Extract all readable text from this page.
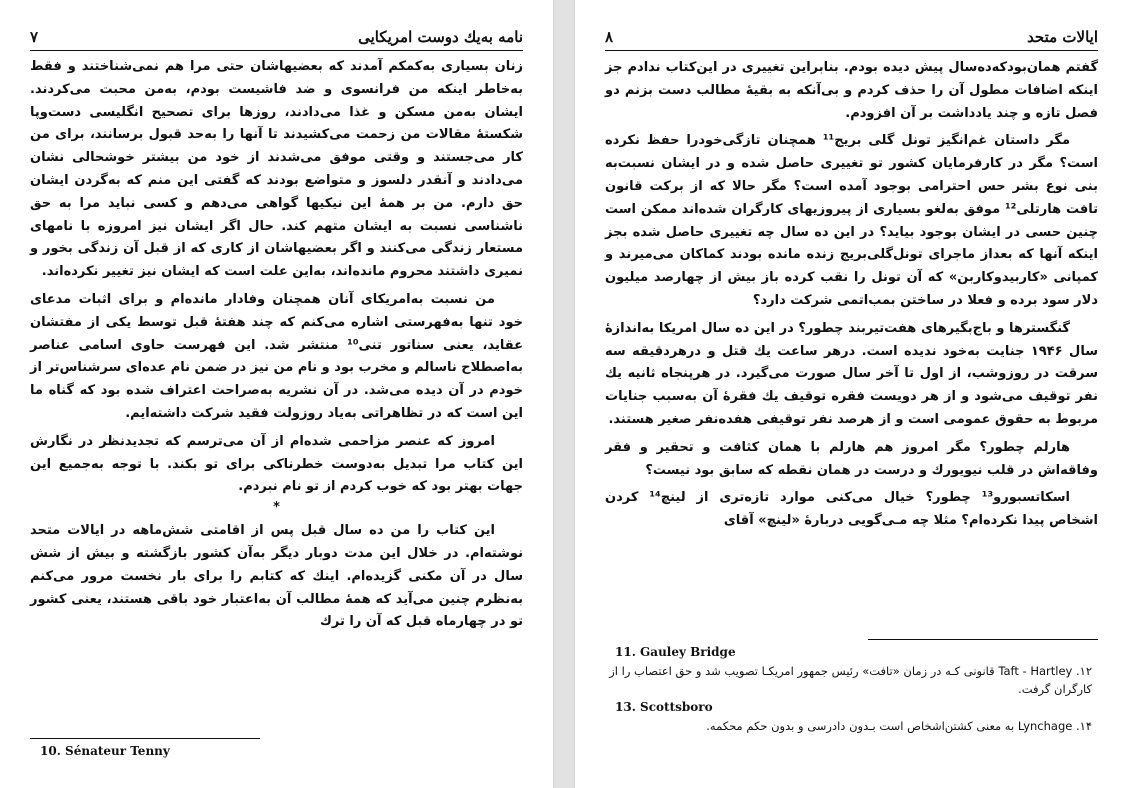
نامه به‌یك دوست امریکایی
۷

زنان بسیاری به‌کمکم آمدند که بعضیهاشان حتی مرا هم نمی‌شناختند و فقط به‌خاطر اینکه من فرانسوی و ضد فاشیست بودم، به‌من محبت می‌کردند. ایشان به‌من مسکن و غذا می‌دادند، روزها برای تصحیح انگلیسی دست‌وپا شکستهٔ مقالات من زحمت می‌کشیدند تا آنها را به‌حد قبول برسانند، برای من کار می‌جستند و وقتی موفق می‌شدند از خود من بیشتر خوشحالی نشان می‌دادند و آنقدر دلسوز و متواضع بودند که گفتی این منم که به‌گردن ایشان حق دارم. من بر همهٔ این نیکیها گواهی می‌دهم و کسی نباید مرا به حق ناشناسی نسبت به ایشان متهم کند. حال اگر ایشان نیز امروزه با نامهای مستعار زندگی می‌کنند و اگر بعضیهاشان از کاری که از قبل آن زندگی بخور و نمیری داشتند محروم مانده‌اند، به‌این علت است که ایشان نیز تغییر نکرده‌اند.

من نسبت به‌امریکای آنان همچنان وفادار مانده‌ام و برای اثبات مدعای خود تنها به‌فهرستی اشاره می‌کنم که چند هفتهٔ قبل توسط یکی از مفتشان عقاید، یعنی سناتور تنی¹⁰ منتشر شد. این فهرست حاوی اسامی عناصر به‌اصطلاح ناسالم و مخرب بود و نام من نیز در ضمن نام عده‌ای سرشناس‌تر از خودم در آن دیده می‌شد. در آن نشریه به‌صراحت اعتراف شده بود که گناه ما این است که در تظاهراتی به‌یاد روزولت فقید شرکت داشته‌ایم.

امروز که عنصر مزاحمی شده‌ام از آن می‌ترسم که تجدیدنظر در نگارش این کتاب مرا تبدیل به‌دوست خطرناکی برای تو بکند. با توجه به‌جمیع این جهات بهتر بود که خوب کردم از تو نام نبردم.

*

این کتاب را من ده سال قبل پس از اقامتی شش‌ماهه در ایالات متحد نوشته‌ام. در خلال این مدت دوبار دیگر به‌آن کشور بازگشته و بیش از شش سال در آن مکنی گزیده‌ام. اینك که کتابم را برای بار نخست مرور می‌کنم به‌نظرم چنین می‌آید که همهٔ مطالب آن به‌اعتبار خود باقی هستند، یعنی کشور تو در چهارماه قبل که آن را ترك

10. Sénateur Tenny
ایالات متحد
۸

گفتم همان‌بودکه‌ده‌سال پیش دیده بودم. بنابراین تغییری در این‌کتاب ندادم جز اینکه اضافات مطول آن را حذف کردم و بی‌آنکه به بقیهٔ مطالب دست بزنم دو فصل تازه و چند یادداشت بر آن افزودم.

مگر داستان غم‌انگیز تونل گلی بریج¹¹ همچنان تازگی‌خودرا حفظ نکرده است؟ مگر در کارفرمایان کشور تو تغییری حاصل شده و در ایشان نسبت‌به بنی نوع بشر حس احترامی بوجود آمده است؟ مگر حالا که از برکت قانون تافت هارتلی¹² موفق به‌لغو بسیاری از پیروزیهای کارگران شده‌اند ممکن است چنین حسی در ایشان بوجود بیاید؟ در این ده سال چه تغییری حاصل شده بجز اینکه آنها که بعداز ماجرای تونل‌گلی‌بریج زنده مانده بودند کماکان می‌میرند و کمپانی «کاربیدوکاربن» که آن تونل را نقب کرده باز بیش از چهارصد میلیون دلار سود برده و فعلا در ساختن بمب‌اتمی شرکت دارد؟

گنگسترها و باج‌بگیرهای هفت‌تیربند چطور؟ در این ده سال امریکا به‌اندازهٔ سال ۱۹۴۶ جنایت به‌خود ندیده است. درهر ساعت یك قتل و درهردقیقه سه سرقت در روزوشب، از اول تا آخر سال صورت می‌گیرد. در هرپنجاه ثانیه یك نفر توقیف می‌شود و از هر دویست فقره توقیف یك فقرهٔ آن به‌سبب جنایات مربوط به حقوق عمومی است و از هرصد نفر توقیفی هفده‌نفر صغیر هستند.

هارلم چطور؟ مگر امروز هم هارلم با همان کثافت و تحقیر و فقر وفاقه‌اش در قلب نیویورك و درست در همان نقطه که سابق بود نیست؟

اسکاتسبورو¹³ چطور؟ خیال می‌کنی موارد تازه‌تری از لینچ¹⁴ کردن اشخاص پیدا نکرده‌ام؟ مثلا چه مـی‌گویی دربارهٔ «لینچ» آقای

11. Gauley Bridge
۱۲. Taft - Hartley قانونی کـه در زمان «تافت» رئیس جمهور امریکـا تصویب شد و حق اعتصاب را از کارگران گرفت.
13. Scottsboro
۱۴. Lynchage به معنی کشتن‌اشخاص است بـدون دادرسی و بدون حکم محکمه.
